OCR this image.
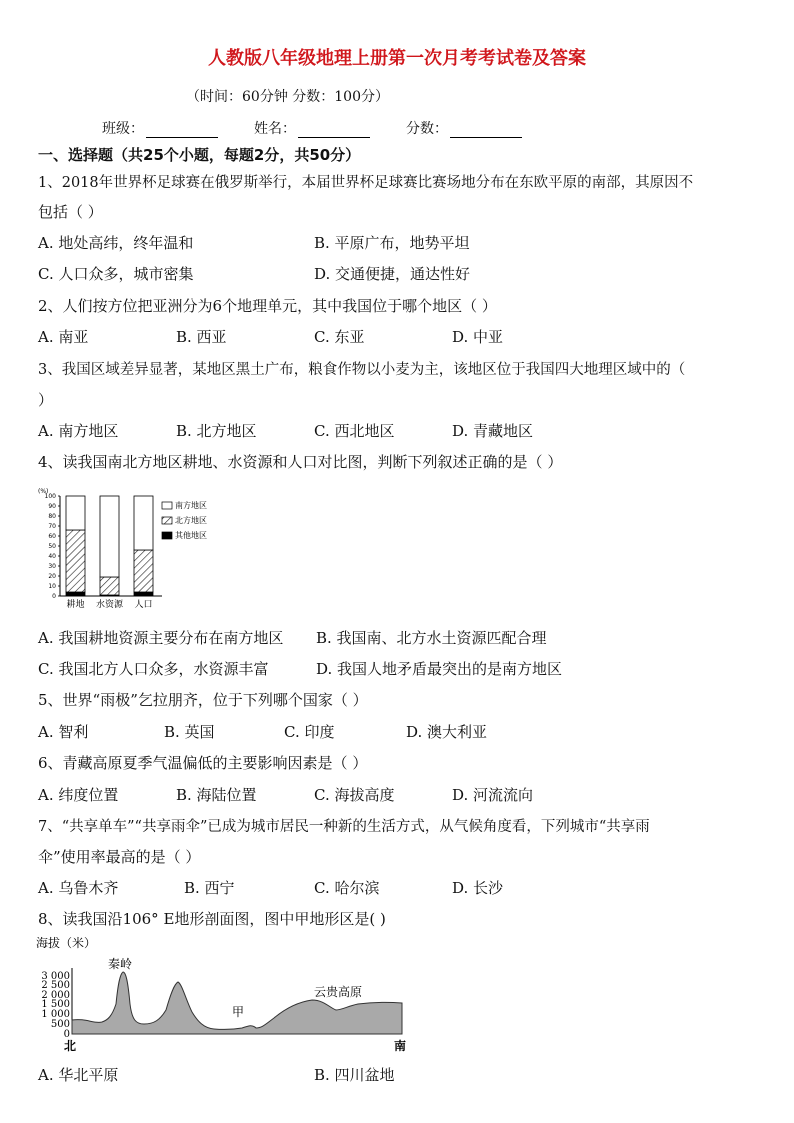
人教版八年级地理上册第一次月考考试卷及答案
（时间：60分钟 分数：100分）
班级：	姓名：	分数：
一、选择题（共25个小题，每题2分，共50分）
1、2018年世界杯足球赛在俄罗斯举行，本届世界杯足球赛比赛场地分布在东欧平原的南部，其原因不
包括（ ）
A. 地处高纬，终年温和	B. 平原广布，地势平坦
C. 人口众多，城市密集	D. 交通便捷，通达性好
2、人们按方位把亚洲分为6个地理单元，其中我国位于哪个地区（ ）
A. 南亚	B. 西亚	C. 东亚	D. 中亚
3、我国区域差异显著，某地区黑土广布，粮食作物以小麦为主，该地区位于我国四大地理区域中的（
）
A. 南方地区	B. 北方地区	C. 西北地区	D. 青藏地区
4、读我国南北方地区耕地、水资源和人口对比图，判断下列叙述正确的是（ ）
(%)
100
90
80
70
60
50
40
30
20
10
0
耕地 水资源 人口
南方地区
北方地区
其他地区
A. 我国耕地资源主要分布在南方地区 B. 我国南、北方水土资源匹配合理
C. 我国北方人口众多，水资源丰富	D. 我国人地矛盾最突出的是南方地区
5、世界“雨极”乞拉朋齐，位于下列哪个国家（ ）
A. 智利	B. 英国	C. 印度	D. 澳大利亚
6、青藏高原夏季气温偏低的主要影响因素是（ ）
A. 纬度位置	B. 海陆位置	C. 海拔高度	D. 河流流向
7、“共享单车”“共享雨伞”已成为城市居民一种新的生活方式，从气候角度看，下列城市“共享雨
伞”使用率最高的是（ ）
A. 乌鲁木齐	B. 西宁	C. 哈尔滨	D. 长沙
8、读我国沿106° E地形剖面图，图中甲地形区是( )
海拔（米）
3 000
2 500
2 000
1 500
1 000
500
0
秦岭
甲
云贵高原
北	南
A. 华北平原	B. 四川盆地
